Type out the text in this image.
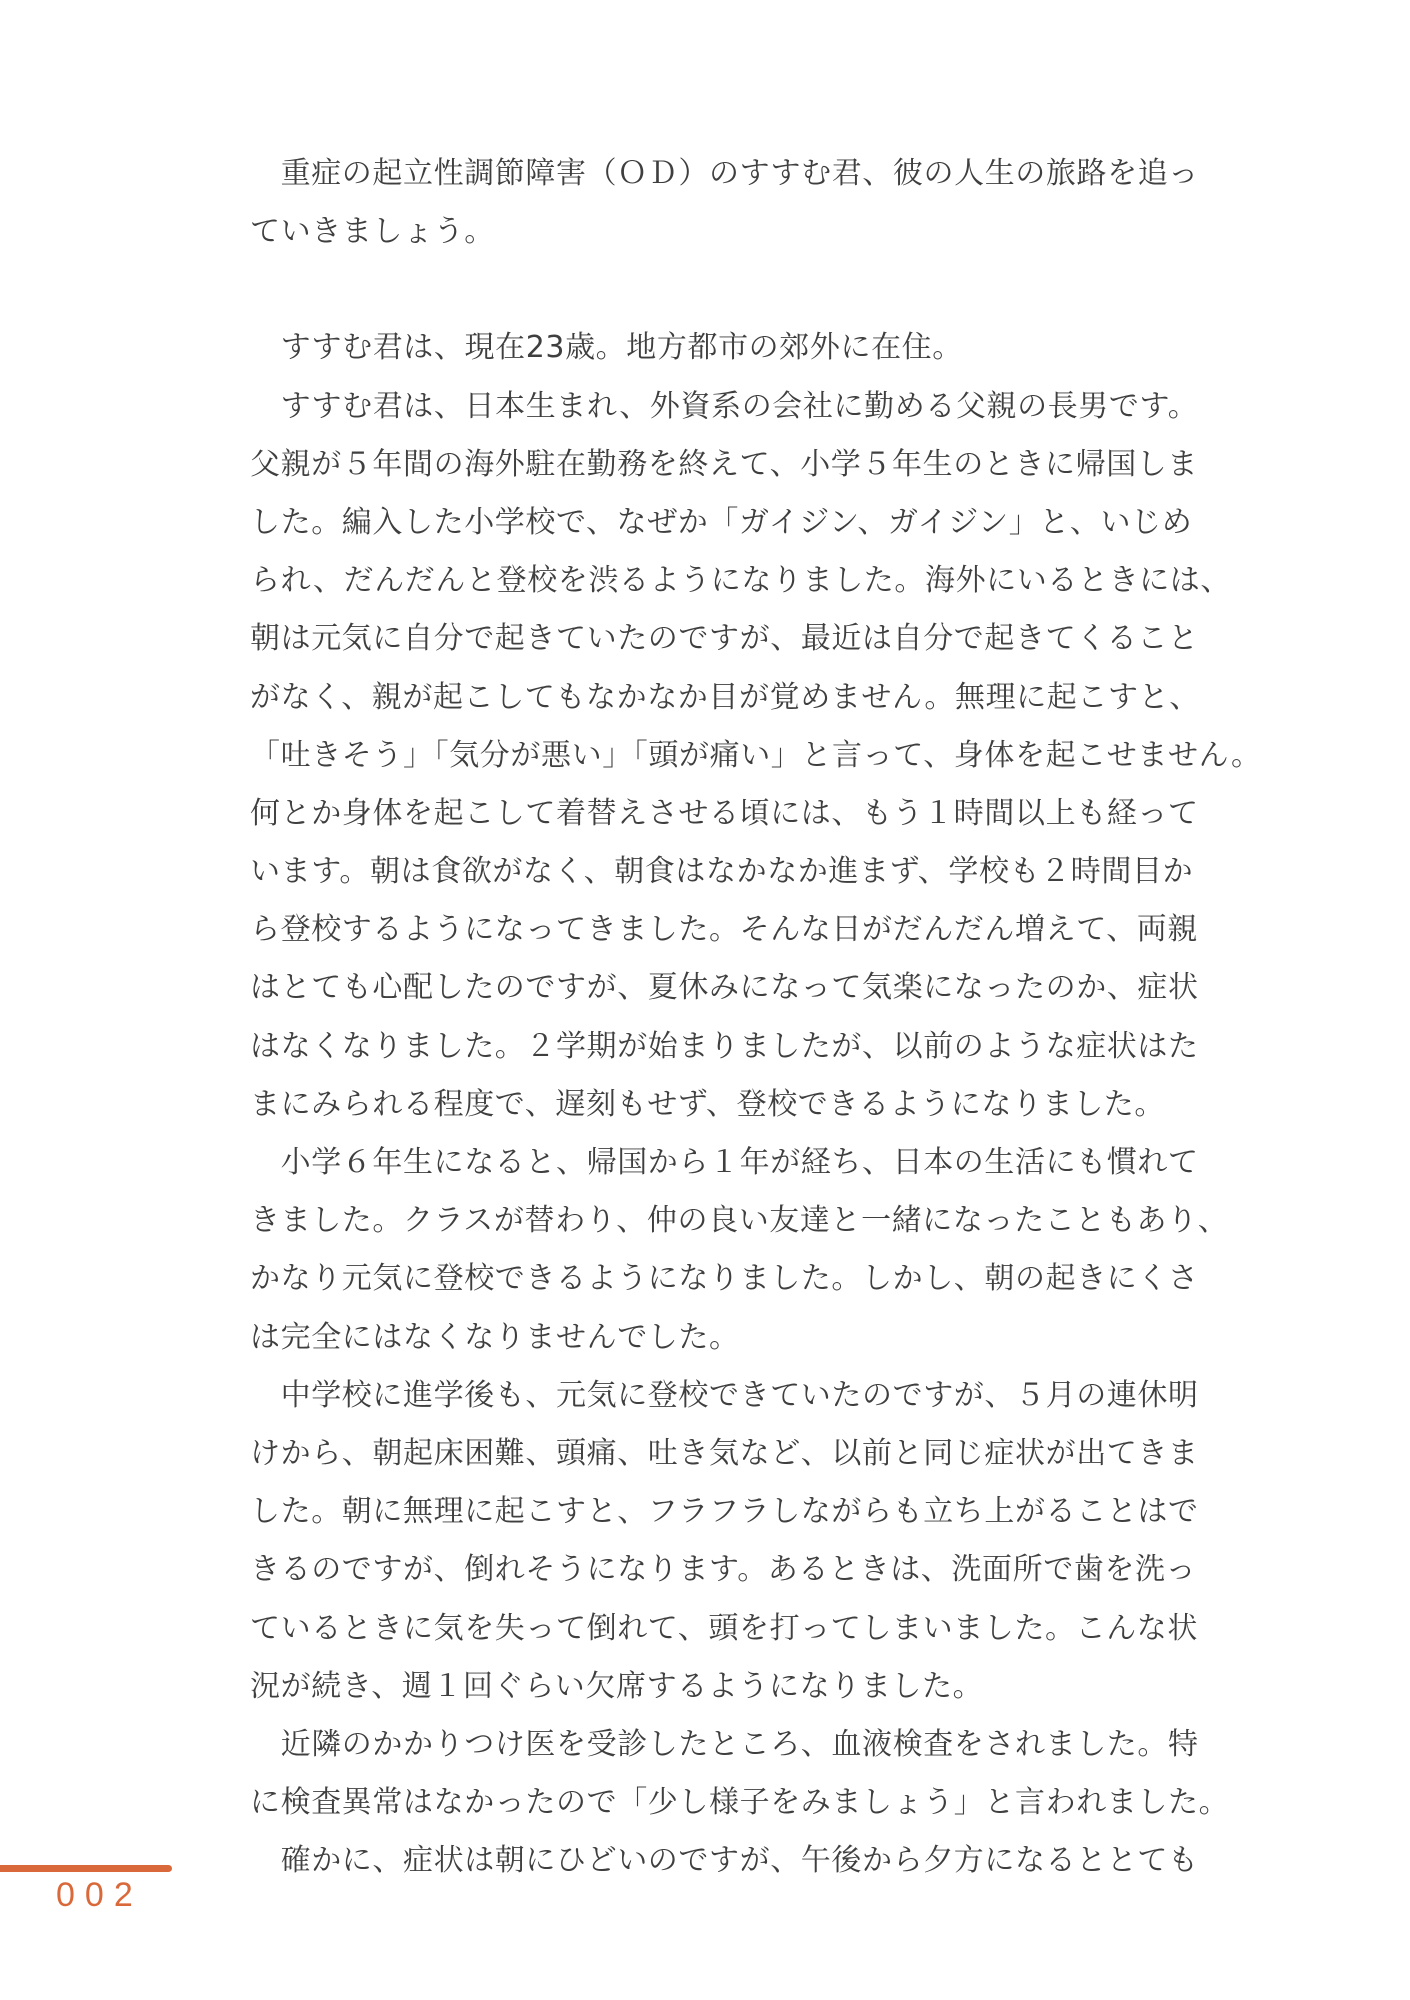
　重症の起立性調節障害（ＯＤ）のすすむ君、彼の人生の旅路を追っ
ていきましょう。
　すすむ君は、現在23歳。地方都市の郊外に在住。
　すすむ君は、日本生まれ、外資系の会社に勤める父親の長男です。
父親が５年間の海外駐在勤務を終えて、小学５年生のときに帰国しま
した。編入した小学校で、なぜか「ガイジン、ガイジン」と、いじめ
られ、だんだんと登校を渋るようになりました。海外にいるときには、
朝は元気に自分で起きていたのですが、最近は自分で起きてくること
がなく、親が起こしてもなかなか目が覚めません。無理に起こすと、
「吐きそう」「気分が悪い」「頭が痛い」と言って、身体を起こせません。
何とか身体を起こして着替えさせる頃には、もう１時間以上も経って
います。朝は食欲がなく、朝食はなかなか進まず、学校も２時間目か
ら登校するようになってきました。そんな日がだんだん増えて、両親
はとても心配したのですが、夏休みになって気楽になったのか、症状
はなくなりました。２学期が始まりましたが、以前のような症状はた
まにみられる程度で、遅刻もせず、登校できるようになりました。
　小学６年生になると、帰国から１年が経ち、日本の生活にも慣れて
きました。クラスが替わり、仲の良い友達と一緒になったこともあり、
かなり元気に登校できるようになりました。しかし、朝の起きにくさ
は完全にはなくなりませんでした。
　中学校に進学後も、元気に登校できていたのですが、５月の連休明
けから、朝起床困難、頭痛、吐き気など、以前と同じ症状が出てきま
した。朝に無理に起こすと、フラフラしながらも立ち上がることはで
きるのですが、倒れそうになります。あるときは、洗面所で歯を洗っ
ているときに気を失って倒れて、頭を打ってしまいました。こんな状
況が続き、週１回ぐらい欠席するようになりました。
　近隣のかかりつけ医を受診したところ、血液検査をされました。特
に検査異常はなかったので「少し様子をみましょう」と言われました。
　確かに、症状は朝にひどいのですが、午後から夕方になるととても
002
